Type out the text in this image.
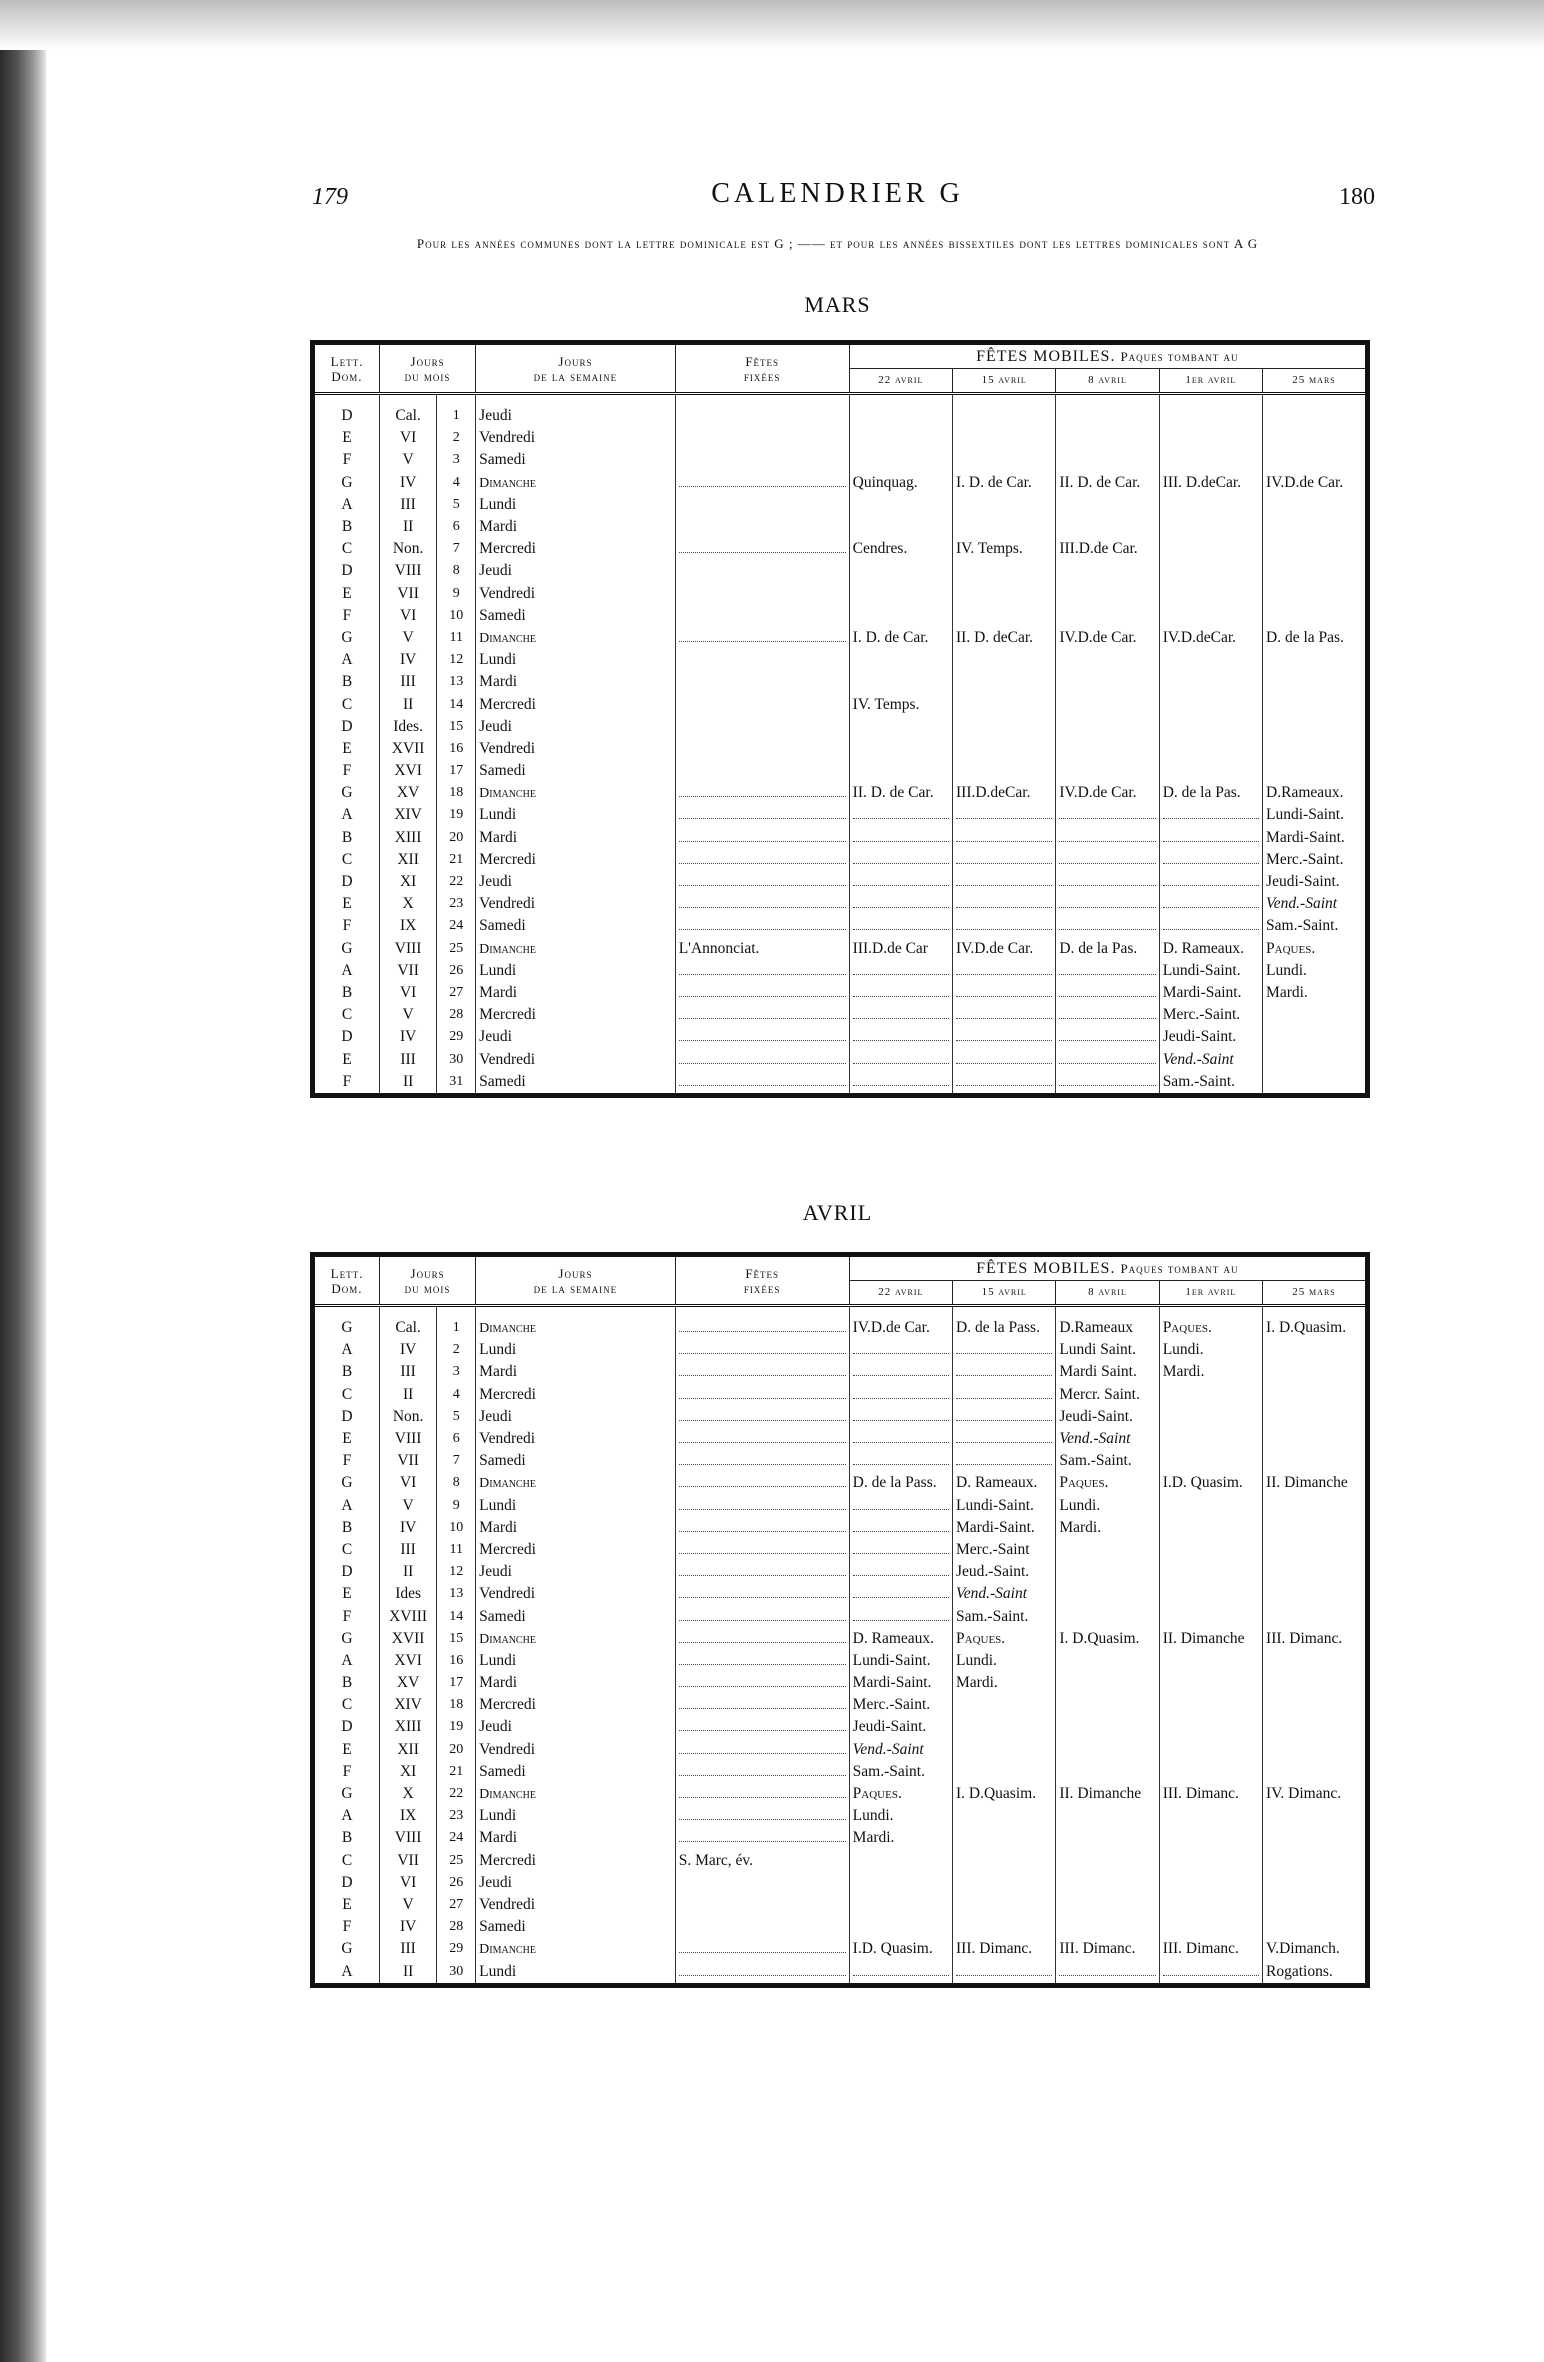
179	CALENDRIER G	180
Pour les années communes dont la lettre dominicale est G ; —— et pour les années bissextiles dont les lettres dominicales sont A G
MARS
Lett.
Dom.	Jours
du mois		Jours
de la semaine	Fêtes
fixées	FÊTES MOBILES. Paques tombant au				
					22 avril	15 avril	8 avril	1er avril	25 mars

D	Cal.	1	Jeudi						
E	VI	2	Vendredi						
F	V	3	Samedi						
G	IV	4	Dimanche		Quinquag.	I. D. de Car.	II. D. de Car.	III. D.deCar.	IV.D.de Car.
A	III	5	Lundi						
B	II	6	Mardi						
C	Non.	7	Mercredi		Cendres.	IV. Temps.	III.D.de Car.		
D	VIII	8	Jeudi						
E	VII	9	Vendredi						
F	VI	10	Samedi						
G	V	11	Dimanche		I. D. de Car.	II. D. deCar.	IV.D.de Car.	IV.D.deCar.	D. de la Pas.
A	IV	12	Lundi						
B	III	13	Mardi						
C	II	14	Mercredi		IV. Temps.				
D	Ides.	15	Jeudi						
E	XVII	16	Vendredi						
F	XVI	17	Samedi						
G	XV	18	Dimanche		II. D. de Car.	III.D.deCar.	IV.D.de Car.	D. de la Pas.	D.Rameaux.
A	XIV	19	Lundi						Lundi-Saint.
B	XIII	20	Mardi						Mardi-Saint.
C	XII	21	Mercredi						Merc.-Saint.
D	XI	22	Jeudi						Jeudi-Saint.
E	X	23	Vendredi						Vend.-Saint
F	IX	24	Samedi						Sam.-Saint.
G	VIII	25	Dimanche	L'Annonciat.	III.D.de Car	IV.D.de Car.	D. de la Pas.	D. Rameaux.	Paques.
A	VII	26	Lundi					Lundi-Saint.	Lundi.
B	VI	27	Mardi					Mardi-Saint.	Mardi.
C	V	28	Mercredi					Merc.-Saint.	
D	IV	29	Jeudi					Jeudi-Saint.	
E	III	30	Vendredi					Vend.-Saint	
F	II	31	Samedi					Sam.-Saint.	
AVRIL
Lett.
Dom.	Jours
du mois		Jours
de la semaine	Fêtes
fixées	FÊTES MOBILES. Paques tombant au				
					22 avril	15 avril	8 avril	1er avril	25 mars

G	Cal.	1	Dimanche		IV.D.de Car.	D. de la Pass.	D.Rameaux	Paques.	I. D.Quasim.
A	IV	2	Lundi				Lundi Saint.	Lundi.	
B	III	3	Mardi				Mardi Saint.	Mardi.	
C	II	4	Mercredi				Mercr. Saint.		
D	Non.	5	Jeudi				Jeudi-Saint.		
E	VIII	6	Vendredi				Vend.-Saint		
F	VII	7	Samedi				Sam.-Saint.		
G	VI	8	Dimanche		D. de la Pass.	D. Rameaux.	Paques.	I.D. Quasim.	II. Dimanche
A	V	9	Lundi			Lundi-Saint.	Lundi.		
B	IV	10	Mardi			Mardi-Saint.	Mardi.		
C	III	11	Mercredi			Merc.-Saint			
D	II	12	Jeudi			Jeud.-Saint.			
E	Ides	13	Vendredi			Vend.-Saint			
F	XVIII	14	Samedi			Sam.-Saint.			
G	XVII	15	Dimanche		D. Rameaux.	Paques.	I. D.Quasim.	II. Dimanche	III. Dimanc.
A	XVI	16	Lundi		Lundi-Saint.	Lundi.			
B	XV	17	Mardi		Mardi-Saint.	Mardi.			
C	XIV	18	Mercredi		Merc.-Saint.				
D	XIII	19	Jeudi		Jeudi-Saint.				
E	XII	20	Vendredi		Vend.-Saint				
F	XI	21	Samedi		Sam.-Saint.				
G	X	22	Dimanche		Paques.	I. D.Quasim.	II. Dimanche	III. Dimanc.	IV. Dimanc.
A	IX	23	Lundi		Lundi.				
B	VIII	24	Mardi		Mardi.				
C	VII	25	Mercredi	S. Marc, év.					
D	VI	26	Jeudi						
E	V	27	Vendredi						
F	IV	28	Samedi						
G	III	29	Dimanche		I.D. Quasim.	III. Dimanc.	III. Dimanc.	III. Dimanc.	V.Dimanch.
A	II	30	Lundi						Rogations.
